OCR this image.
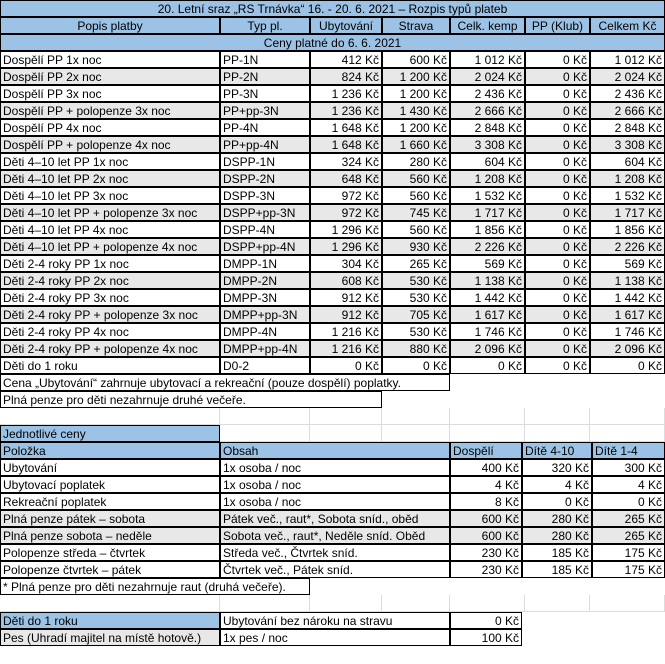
20. Letní sraz „RS Trnávka“ 16. - 20. 6. 2021 – Rozpis typů plateb
Popis platby	Typ pl.	Ubytování	Strava	Celk. kemp	PP (Klub)	Celkem Kč
Ceny platné do 6. 6. 2021
Dospělí PP 1x noc	PP-1N	412 Kč	600 Kč	1 012 Kč	0 Kč	1 012 Kč
Dospělí PP 2x noc	PP-2N	824 Kč	1 200 Kč	2 024 Kč	0 Kč	2 024 Kč
Dospělí PP 3x noc	PP-3N	1 236 Kč	1 200 Kč	2 436 Kč	0 Kč	2 436 Kč
Dospělí PP + polopenze 3x noc	PP+pp-3N	1 236 Kč	1 430 Kč	2 666 Kč	0 Kč	2 666 Kč
Dospělí PP 4x noc	PP-4N	1 648 Kč	1 200 Kč	2 848 Kč	0 Kč	2 848 Kč
Dospělí PP + polopenze 4x noc	PP+pp-4N	1 648 Kč	1 660 Kč	3 308 Kč	0 Kč	3 308 Kč
Děti 4–10 let PP 1x noc	DSPP-1N	324 Kč	280 Kč	604 Kč	0 Kč	604 Kč
Děti 4–10 let PP 2x noc	DSPP-2N	648 Kč	560 Kč	1 208 Kč	0 Kč	1 208 Kč
Děti 4–10 let PP 3x noc	DSPP-3N	972 Kč	560 Kč	1 532 Kč	0 Kč	1 532 Kč
Děti 4–10 let PP + polopenze 3x noc	DSPP+pp-3N	972 Kč	745 Kč	1 717 Kč	0 Kč	1 717 Kč
Děti 4–10 let PP 4x noc	DSPP-4N	1 296 Kč	560 Kč	1 856 Kč	0 Kč	1 856 Kč
Děti 4–10 let PP + polopenze 4x noc	DSPP+pp-4N	1 296 Kč	930 Kč	2 226 Kč	0 Kč	2 226 Kč
Děti 2-4 roky PP 1x noc	DMPP-1N	304 Kč	265 Kč	569 Kč	0 Kč	569 Kč
Děti 2-4 roky PP 2x noc	DMPP-2N	608 Kč	530 Kč	1 138 Kč	0 Kč	1 138 Kč
Děti 2-4 roky PP 3x noc	DMPP-3N	912 Kč	530 Kč	1 442 Kč	0 Kč	1 442 Kč
Děti 2-4 roky PP + polopenze 3x noc	DMPP+pp-3N	912 Kč	705 Kč	1 617 Kč	0 Kč	1 617 Kč
Děti 2-4 roky PP 4x noc	DMPP-4N	1 216 Kč	530 Kč	1 746 Kč	0 Kč	1 746 Kč
Děti 2-4 roky PP + polopenze 4x noc	DMPP+pp-4N	1 216 Kč	880 Kč	2 096 Kč	0 Kč	2 096 Kč
Děti do 1 roku	D0-2	0 Kč	0 Kč	0 Kč	0 Kč	0 Kč
Cena „Ubytování“ zahrnuje ubytovací a rekreační (pouze dospělí) poplatky.
Plná penze pro děti nezahrnuje druhé večeře.
Jednotlivé ceny
Položka	Obsah	Dospělí	Dítě 4-10	Dítě 1-4
Ubytování	1x osoba / noc	400 Kč	320 Kč	300 Kč
Ubytovací poplatek	1x osoba / noc	4 Kč	4 Kč	4 Kč
Rekreační poplatek	1x osoba / noc	8 Kč	0 Kč	0 Kč
Plná penze pátek – sobota	Pátek več., raut*, Sobota sníd., oběd	600 Kč	280 Kč	265 Kč
Plná penze sobota – neděle	Sobota več., raut*, Neděle sníd. Oběd	600 Kč	280 Kč	265 Kč
Polopenze středa – čtvrtek	Středa več., Čtvrtek sníd.	230 Kč	185 Kč	175 Kč
Polopenze čtvrtek – pátek	Čtvrtek več., Pátek sníd.	230 Kč	185 Kč	175 Kč
* Plná penze pro děti nezahrnuje raut (druhá večeře).
Děti do 1 roku	Ubytování bez nároku na stravu	0 Kč
Pes (Uhradí majitel na místě hotově.)	1x pes / noc	100 Kč
